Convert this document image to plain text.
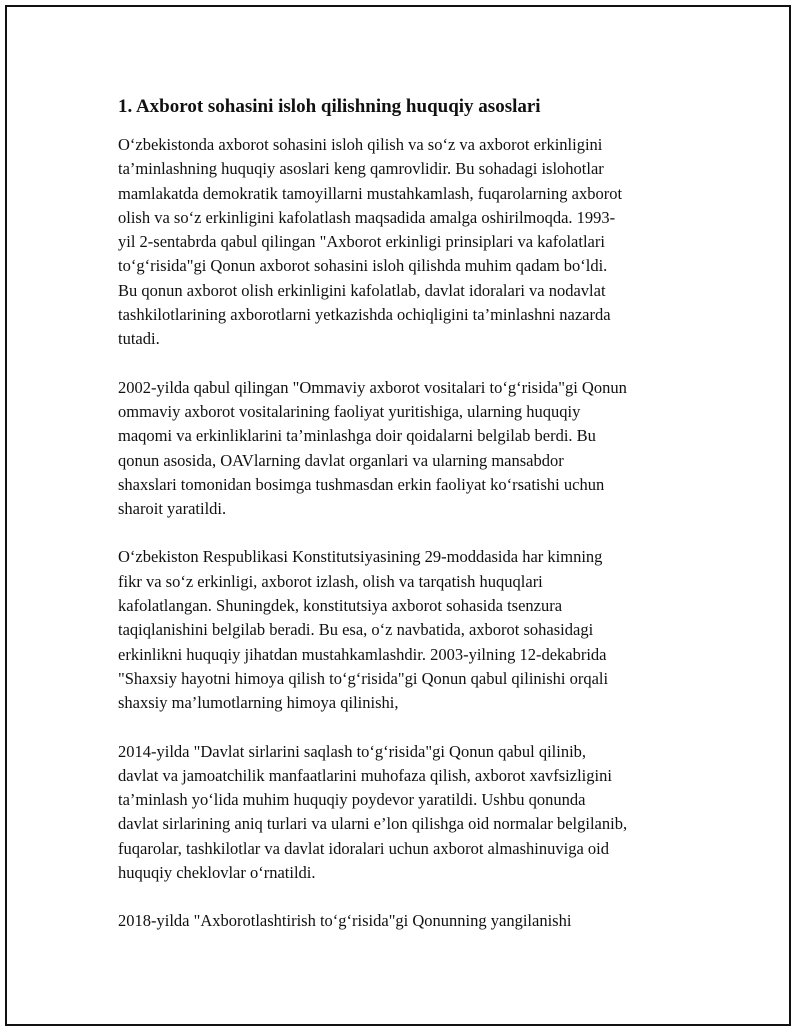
1. Axborot sohasini isloh qilishning huquqiy asoslari
O‘zbekistonda axborot sohasini isloh qilish va so‘z va axborot erkinligini
ta’minlashning huquqiy asoslari keng qamrovlidir. Bu sohadagi islohotlar
mamlakatda demokratik tamoyillarni mustahkamlash, fuqarolarning axborot
olish va so‘z erkinligini kafolatlash maqsadida amalga oshirilmoqda. 1993-
yil 2-sentabrda qabul qilingan "Axborot erkinligi prinsiplari va kafolatlari
to‘g‘risida"gi Qonun axborot sohasini isloh qilishda muhim qadam bo‘ldi.
Bu qonun axborot olish erkinligini kafolatlab, davlat idoralari va nodavlat
tashkilotlarining axborotlarni yetkazishda ochiqligini ta’minlashni nazarda
tutadi.
2002-yilda qabul qilingan "Ommaviy axborot vositalari to‘g‘risida"gi Qonun
ommaviy axborot vositalarining faoliyat yuritishiga, ularning huquqiy
maqomi va erkinliklarini ta’minlashga doir qoidalarni belgilab berdi. Bu
qonun asosida, OAVlarning davlat organlari va ularning mansabdor
shaxslari tomonidan bosimga tushmasdan erkin faoliyat ko‘rsatishi uchun
sharoit yaratildi.
O‘zbekiston Respublikasi Konstitutsiyasining 29-moddasida har kimning
fikr va so‘z erkinligi, axborot izlash, olish va tarqatish huquqlari
kafolatlangan. Shuningdek, konstitutsiya axborot sohasida tsenzura
taqiqlanishini belgilab beradi. Bu esa, o‘z navbatida, axborot sohasidagi
erkinlikni huquqiy jihatdan mustahkamlashdir. 2003-yilning 12-dekabrida
"Shaxsiy hayotni himoya qilish to‘g‘risida"gi Qonun qabul qilinishi orqali
shaxsiy ma’lumotlarning himoya qilinishi,
2014-yilda "Davlat sirlarini saqlash to‘g‘risida"gi Qonun qabul qilinib,
davlat va jamoatchilik manfaatlarini muhofaza qilish, axborot xavfsizligini
ta’minlash yo‘lida muhim huquqiy poydevor yaratildi. Ushbu qonunda
davlat sirlarining aniq turlari va ularni e’lon qilishga oid normalar belgilanib,
fuqarolar, tashkilotlar va davlat idoralari uchun axborot almashinuviga oid
huquqiy cheklovlar o‘rnatildi.
2018-yilda "Axborotlashtirish to‘g‘risida"gi Qonunning yangilanishi
